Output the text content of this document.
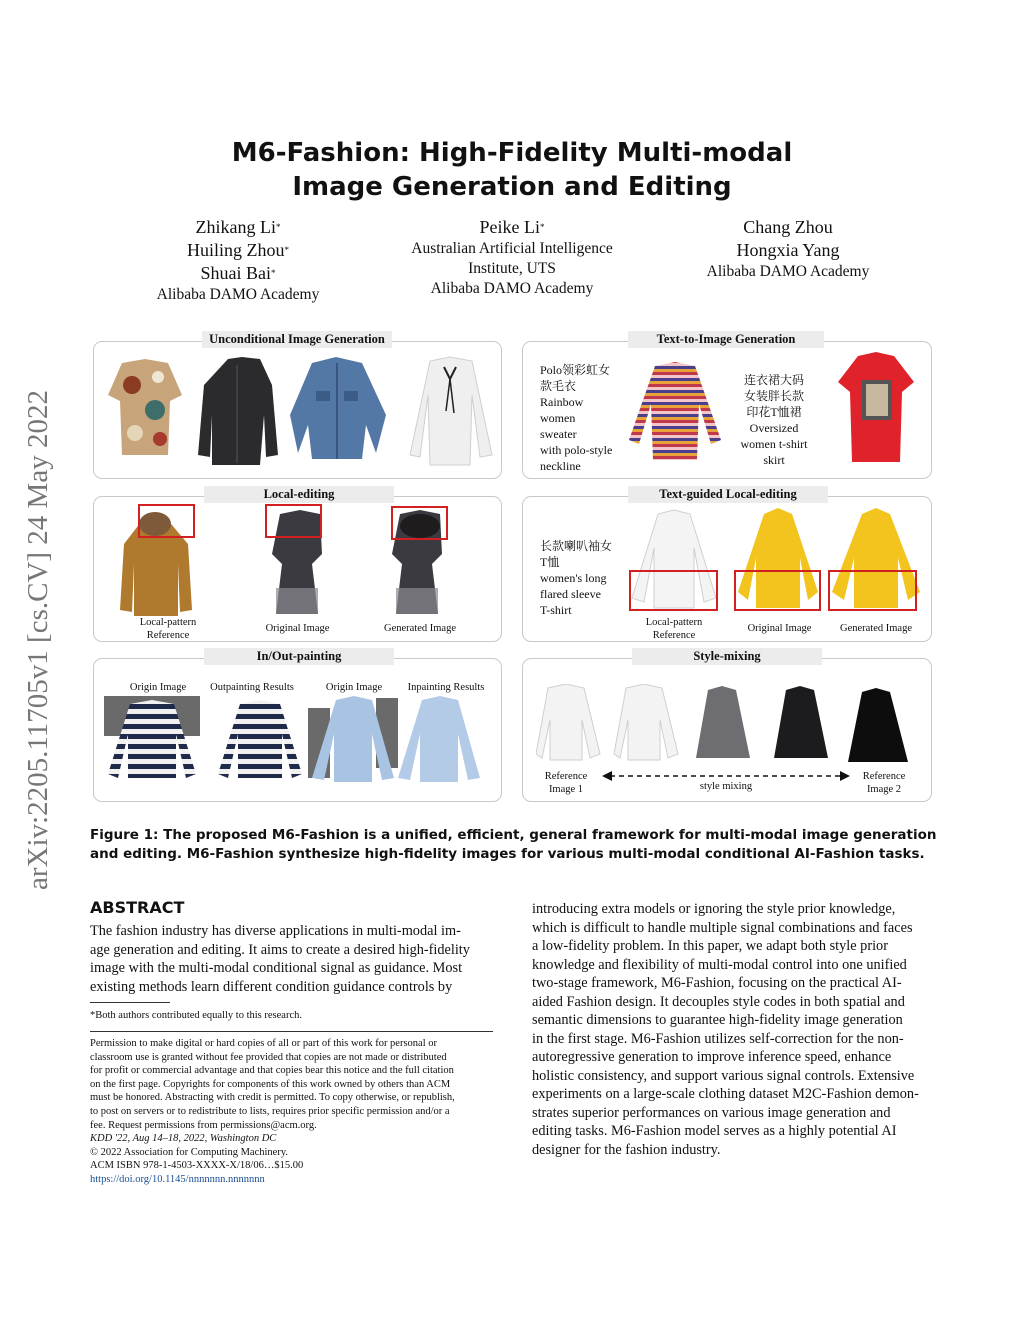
arXiv:2205.11705v1 [cs.CV] 24 May 2022
M6-Fashion: High-Fidelity Multi-modal
Image Generation and Editing
Zhikang Li*
Huiling Zhou*
Shuai Bai*
Alibaba DAMO Academy
Peike Li*
Australian Artificial Intelligence
Institute, UTS
Alibaba DAMO Academy
Chang Zhou
Hongxia Yang
Alibaba DAMO Academy
Unconditional Image Generation	Text-to-Image Generation
Polo领彩虹女
款毛衣
Rainbow
women
sweater
with polo-style
neckline
连衣裙大码
女装胖长款
印花T恤裙
Oversized
women t-shirt
skirt
Local-editing
Local-pattern
Reference
Original Image	Generated Image
Text-guided Local-editing
长款喇叭袖女
T恤
women's long
flared sleeve
T-shirt
Local-pattern
Reference
Original Image	Generated Image
In/Out-painting
Origin Image	Outpainting Results	Origin Image	Inpainting Results
Style-mixing
Reference
Image 1	style mixing
Reference
Image 2
Figure 1: The proposed M6-Fashion is a unified, efficient, general framework for multi-modal image generation and editing. M6-Fashion synthesize high-fidelity images for various multi-modal conditional AI-Fashion tasks.
ABSTRACT
The fashion industry has diverse applications in multi-modal im-
age generation and editing. It aims to create a desired high-fidelity
image with the multi-modal conditional signal as guidance. Most
existing methods learn different condition guidance controls by
introducing extra models or ignoring the style prior knowledge,
which is difficult to handle multiple signal combinations and faces
a low-fidelity problem. In this paper, we adapt both style prior
knowledge and flexibility of multi-modal control into one unified
two-stage framework, M6-Fashion, focusing on the practical AI-
aided Fashion design. It decouples style codes in both spatial and
semantic dimensions to guarantee high-fidelity image generation
in the first stage. M6-Fashion utilizes self-correction for the non-
autoregressive generation to improve inference speed, enhance
holistic consistency, and support various signal controls. Extensive
experiments on a large-scale clothing dataset M2C-Fashion demon-
strates superior performances on various image generation and
editing tasks. M6-Fashion model serves as a highly potential AI
designer for the fashion industry.
*Both authors contributed equally to this research.
Permission to make digital or hard copies of all or part of this work for personal or
classroom use is granted without fee provided that copies are not made or distributed
for profit or commercial advantage and that copies bear this notice and the full citation
on the first page. Copyrights for components of this work owned by others than ACM
must be honored. Abstracting with credit is permitted. To copy otherwise, or republish,
to post on servers or to redistribute to lists, requires prior specific permission and/or a
fee. Request permissions from permissions@acm.org.
KDD '22, Aug 14–18, 2022, Washington DC
© 2022 Association for Computing Machinery.
ACM ISBN 978-1-4503-XXXX-X/18/06…$15.00
https://doi.org/10.1145/nnnnnnn.nnnnnnn
